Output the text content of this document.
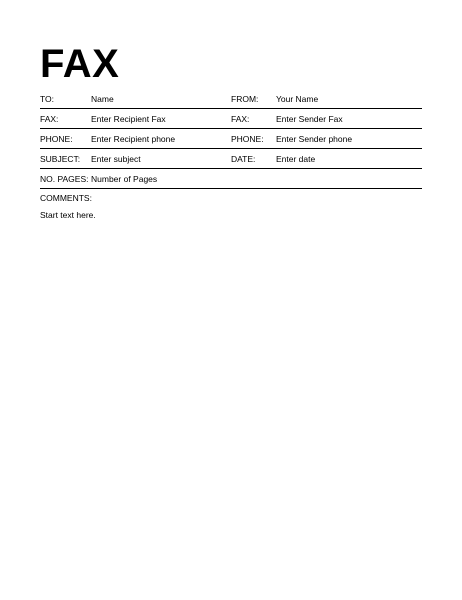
FAX
TO:	Name	FROM: Your Name
FAX:	Enter Recipient Fax	FAX:	Enter Sender Fax
PHONE: Enter Recipient phone	PHONE: Enter Sender phone
SUBJECT: Enter subject	DATE: Enter date
NO. PAGES: Number of Pages
COMMENTS:
Start text here.
